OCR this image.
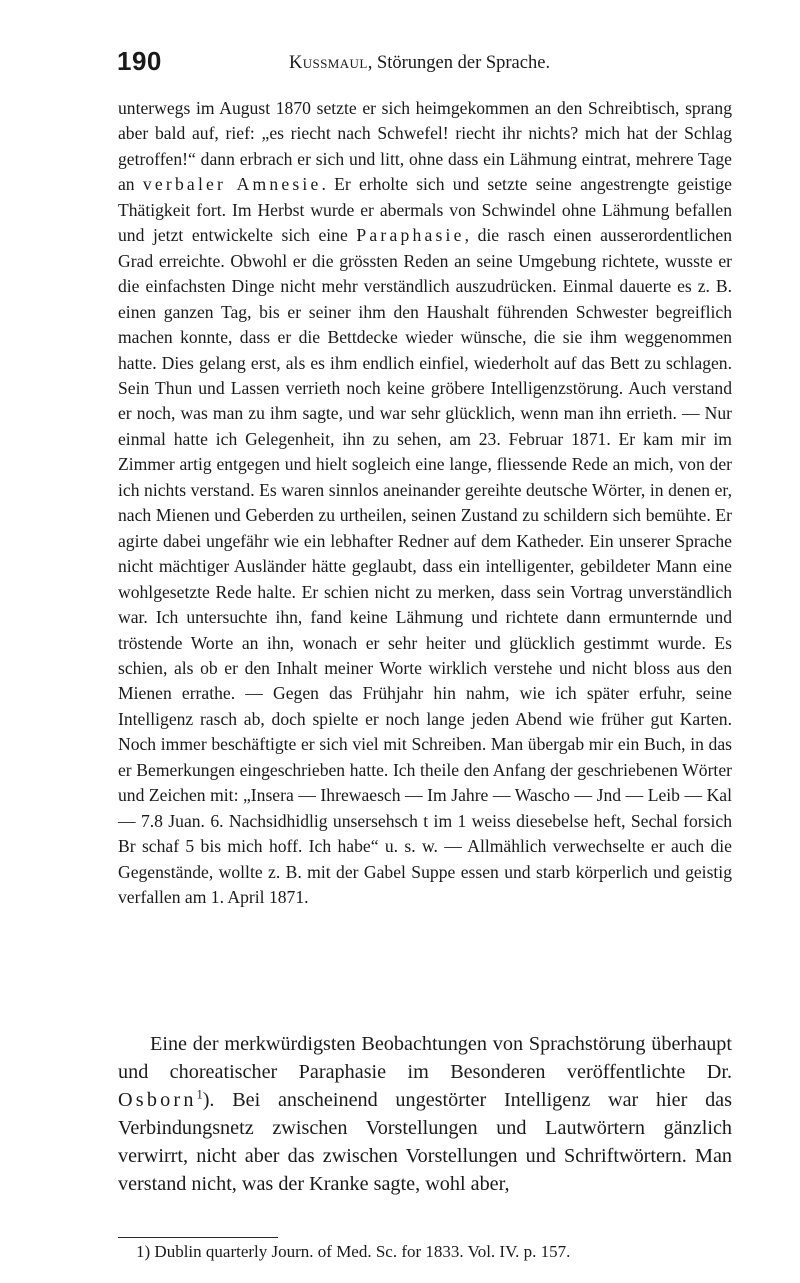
190	Kussmaul, Störungen der Sprache.

unterwegs im August 1870 setzte er sich heimgekommen an den Schreibtisch, sprang aber bald auf, rief: „es riecht nach Schwefel! riecht ihr nichts? mich hat der Schlag getroffen!“ dann erbrach er sich und litt, ohne dass ein Lähmung eintrat, mehrere Tage an verbaler Amnesie. Er erholte sich und setzte seine angestrengte geistige Thätigkeit fort. Im Herbst wurde er abermals von Schwindel ohne Lähmung befallen und jetzt entwickelte sich eine Paraphasie, die rasch einen ausserordentlichen Grad erreichte. Obwohl er die grössten Reden an seine Umgebung richtete, wusste er die einfachsten Dinge nicht mehr verständlich auszudrücken. Einmal dauerte es z. B. einen ganzen Tag, bis er seiner ihm den Haushalt führenden Schwester begreiflich machen konnte, dass er die Bettdecke wieder wünsche, die sie ihm weggenommen hatte. Dies gelang erst, als es ihm endlich einfiel, wiederholt auf das Bett zu schlagen. Sein Thun und Lassen verrieth noch keine gröbere Intelligenzstörung. Auch verstand er noch, was man zu ihm sagte, und war sehr glücklich, wenn man ihn errieth. — Nur einmal hatte ich Gelegenheit, ihn zu sehen, am 23. Februar 1871. Er kam mir im Zimmer artig entgegen und hielt sogleich eine lange, fliessende Rede an mich, von der ich nichts verstand. Es waren sinnlos aneinander gereihte deutsche Wörter, in denen er, nach Mienen und Geberden zu urtheilen, seinen Zustand zu schildern sich bemühte. Er agirte dabei ungefähr wie ein lebhafter Redner auf dem Katheder. Ein unserer Sprache nicht mächtiger Ausländer hätte geglaubt, dass ein intelligenter, gebildeter Mann eine wohlgesetzte Rede halte. Er schien nicht zu merken, dass sein Vortrag unverständlich war. Ich untersuchte ihn, fand keine Lähmung und richtete dann ermunternde und tröstende Worte an ihn, wonach er sehr heiter und glücklich gestimmt wurde. Es schien, als ob er den Inhalt meiner Worte wirklich verstehe und nicht bloss aus den Mienen errathe. — Gegen das Frühjahr hin nahm, wie ich später erfuhr, seine Intelligenz rasch ab, doch spielte er noch lange jeden Abend wie früher gut Karten. Noch immer beschäftigte er sich viel mit Schreiben. Man übergab mir ein Buch, in das er Bemerkungen eingeschrieben hatte. Ich theile den Anfang der geschriebenen Wörter und Zeichen mit: „Insera — Ihrewaesch — Im Jahre — Wascho — Jnd — Leib — Kal — 7.8 Juan. 6. Nachsidhidlig unsersehsch t im 1 weiss diesebelse heft, Sechal forsich Br schaf 5 bis mich hoff. Ich habe“ u. s. w. — Allmählich verwechselte er auch die Gegenstände, wollte z. B. mit der Gabel Suppe essen und starb körperlich und geistig verfallen am 1. April 1871.

Eine der merkwürdigsten Beobachtungen von Sprachstörung überhaupt und choreatischer Paraphasie im Besonderen veröffentlichte Dr. Osborn$^1$). Bei anscheinend ungestörter Intelligenz war hier das Verbindungsnetz zwischen Vorstellungen und Lautwörtern gänzlich verwirrt, nicht aber das zwischen Vorstellungen und Schriftwörtern. Man verstand nicht, was der Kranke sagte, wohl aber,

1) Dublin quarterly Journ. of Med. Sc. for 1833. Vol. IV. p. 157.
